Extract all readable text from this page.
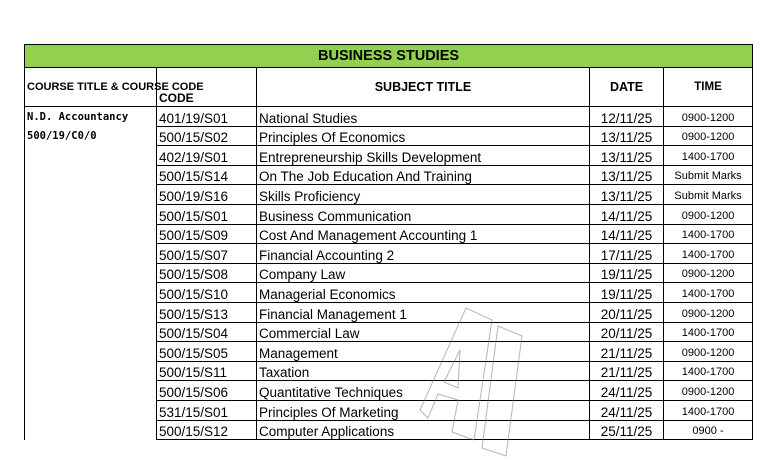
BUSINESS STUDIES				
COURSE TITLE & COURSE CODE	CODE	SUBJECT TITLE	DATE	TIME

N.D. Accountancy
500/19/C0/0	401/19/S01	National Studies	12/11/25	0900-1200
	500/15/S02	Principles Of Economics	13/11/25	0900-1200
	402/19/S01	Entrepreneurship Skills Development	13/11/25	1400-1700
	500/15/S14	On The Job Education And Training	13/11/25	Submit Marks
	500/19/S16	Skills Proficiency	13/11/25	Submit Marks
	500/15/S01	Business Communication	14/11/25	0900-1200
	500/15/S09	Cost And Management Accounting 1	14/11/25	1400-1700
	500/15/S07	Financial Accounting 2	17/11/25	1400-1700
	500/15/S08	Company Law	19/11/25	0900-1200
	500/15/S10	Managerial Economics	19/11/25	1400-1700
	500/15/S13	Financial Management 1	20/11/25	0900-1200
	500/15/S04	Commercial Law	20/11/25	1400-1700
	500/15/S05	Management	21/11/25	0900-1200
	500/15/S11	Taxation	21/11/25	1400-1700
	500/15/S06	Quantitative Techniques	24/11/25	0900-1200
	531/15/S01	Principles Of Marketing	24/11/25	1400-1700
	500/15/S12	Computer Applications	25/11/25	0900 -
